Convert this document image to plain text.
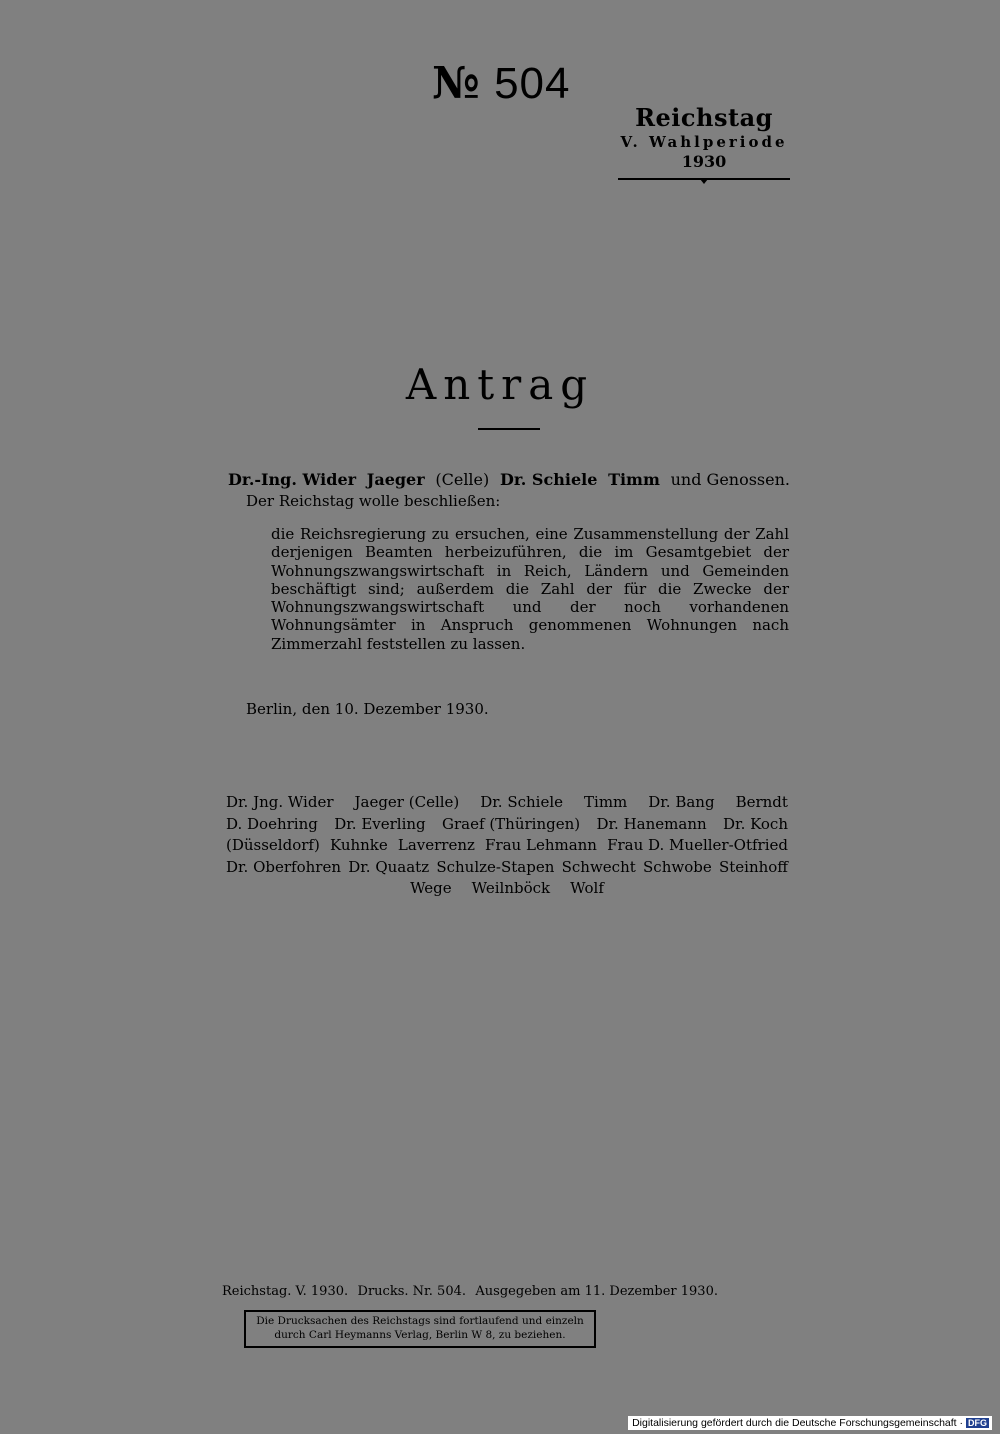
№ 504
Reichstag
V. Wahlperiode
1930
Antrag
Dr.-Ing. Wider Jaeger (Celle) Dr. Schiele Timm und Genossen.
Der Reichstag wolle beschließen:
die Reichsregierung zu ersuchen, eine Zusammenstellung der Zahl derjenigen Beamten herbeizuführen, die im Gesamtgebiet der Wohnungszwangswirtschaft in Reich, Ländern und Gemeinden beschäftigt sind; außerdem die Zahl der für die Zwecke der Wohnungszwangswirtschaft und der noch vorhandenen Wohnungsämter in Anspruch genommenen Wohnungen nach Zimmerzahl feststellen zu lassen.
Berlin, den 10. Dezember 1930.
Dr. Jng. Wider Jaeger (Celle) Dr. Schiele Timm Dr. Bang Berndt
D. Doehring Dr. Everling Graef (Thüringen) Dr. Hanemann Dr. Koch
(Düsseldorf) Kuhnke Laverrenz Frau Lehmann Frau D. Mueller-Otfried
Dr. Oberfohren Dr. Quaatz Schulze-Stapen Schwecht Schwobe Steinhoff
Wege Weilnböck Wolf
Reichstag. V. 1930. Drucks. Nr. 504. Ausgegeben am 11. Dezember 1930.
Die Drucksachen des Reichstags sind fortlaufend und einzeln
durch Carl Heymanns Verlag, Berlin W 8, zu beziehen.
Digitalisierung gefördert durch die Deutsche Forschungsgemeinschaft · DFG
